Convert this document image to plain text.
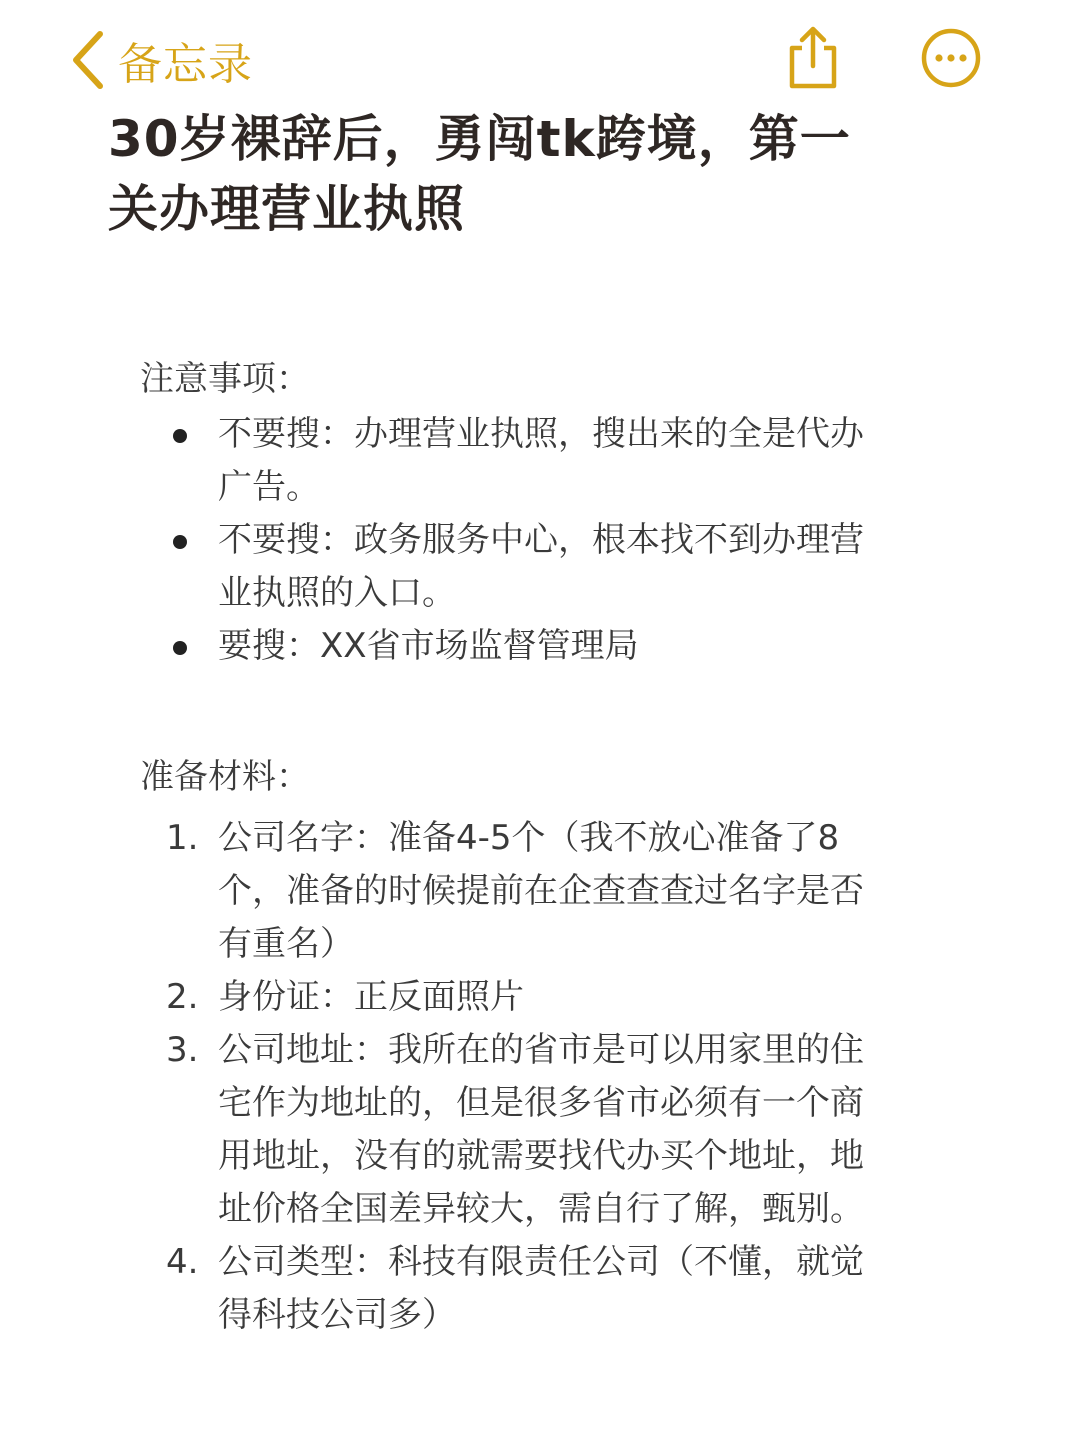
备忘录
30岁裸辞后，勇闯tk跨境，第一关办理营业执照

注意事项：

不要搜：办理营业执照，搜出来的全是代办广告。
不要搜：政务服务中心，根本找不到办理营业执照的入口。
要搜：XX省市场监督管理局

准备材料：

1. 公司名字：准备4-5个（我不放心准备了8个，准备的时候提前在企查查查过名字是否有重名）
2. 身份证：正反面照片
3. 公司地址：我所在的省市是可以用家里的住宅作为地址的，但是很多省市必须有一个商用地址，没有的就需要找代办买个地址，地址价格全国差异较大，需自行了解，甄别。
4. 公司类型：科技有限责任公司（不懂，就觉得科技公司多）
